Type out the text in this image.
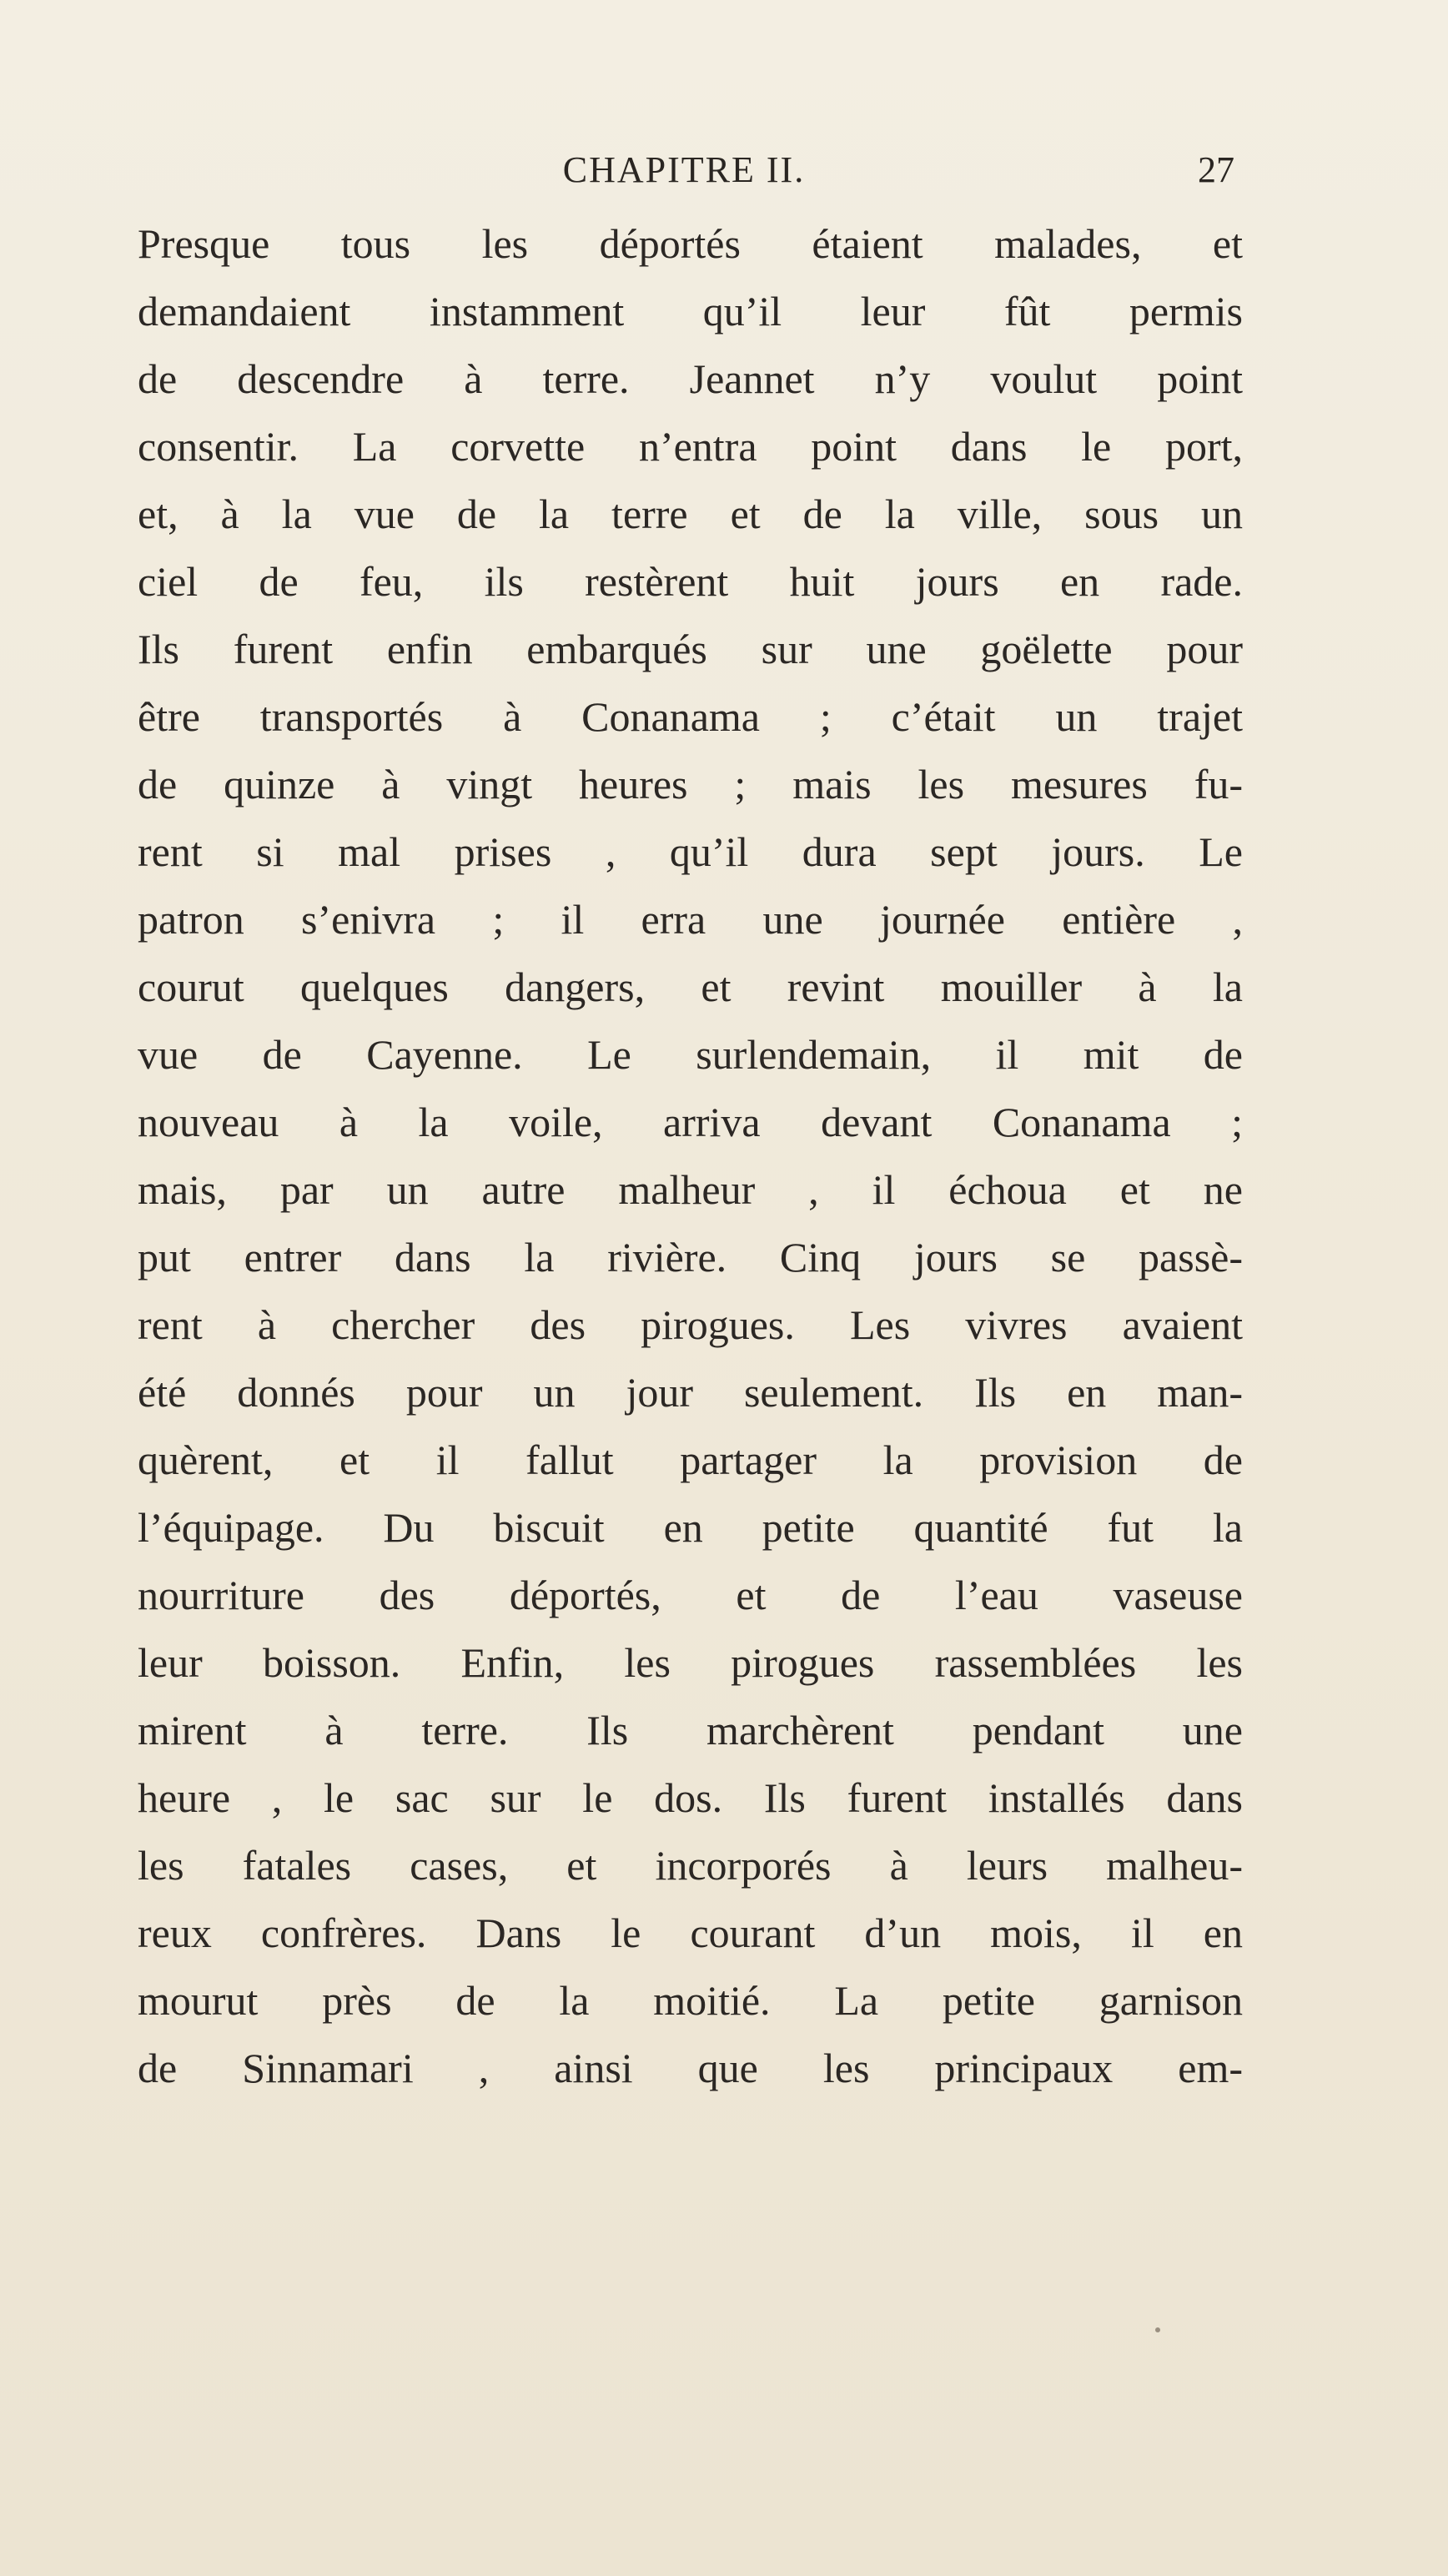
CHAPITRE II.	27
Presque tous les déportés étaient malades, et
demandaient instamment qu’il leur fût permis
de descendre à terre. Jeannet n’y voulut point
consentir. La corvette n’entra point dans le port,
et, à la vue de la terre et de la ville, sous un
ciel de feu, ils restèrent huit jours en rade.
Ils furent enfin embarqués sur une goëlette pour
être transportés à Conanama ; c’était un trajet
de quinze à vingt heures ; mais les mesures fu-
rent si mal prises , qu’il dura sept jours. Le
patron s’enivra ; il erra une journée entière ,
courut quelques dangers, et revint mouiller à la
vue de Cayenne. Le surlendemain, il mit de
nouveau à la voile, arriva devant Conanama ;
mais, par un autre malheur , il échoua et ne
put entrer dans la rivière. Cinq jours se passè-
rent à chercher des pirogues. Les vivres avaient
été donnés pour un jour seulement. Ils en man-
quèrent, et il fallut partager la provision de
l’équipage. Du biscuit en petite quantité fut la
nourriture des déportés, et de l’eau vaseuse
leur boisson. Enfin, les pirogues rassemblées les
mirent à terre. Ils marchèrent pendant une
heure , le sac sur le dos. Ils furent installés dans
les fatales cases, et incorporés à leurs malheu-
reux confrères. Dans le courant d’un mois, il en
mourut près de la moitié. La petite garnison
de Sinnamari , ainsi que les principaux em-
